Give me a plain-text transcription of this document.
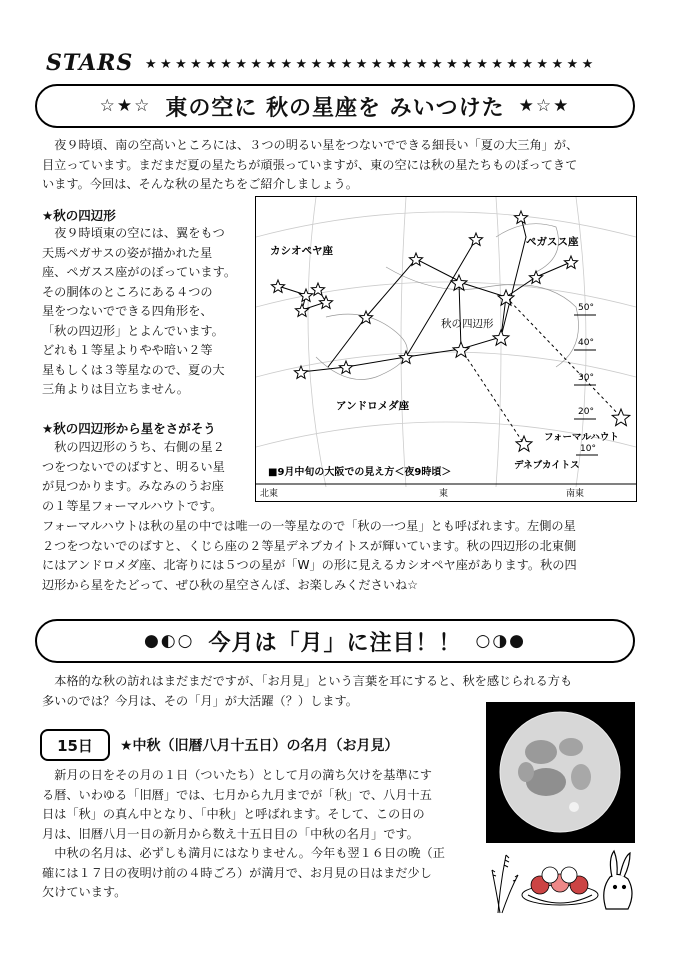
STARS ★★★★★★★★★★★★★★★★★★★★★★★★★★★★★★
☆★☆ 東の空に 秋の星座を みいつけた ★☆★
夜９時頃、南の空高いところには、３つの明るい星をつないでできる細長い「夏の大三角」が、
目立っています。まだまだ夏の星たちが頑張っていますが、東の空には秋の星たちものぼってきて
います。今回は、そんな秋の星たちをご紹介しましょう。
★秋の四辺形
夜９時頃東の空には、翼をもつ
天馬ペガサスの姿が描かれた星
座、ペガスス座がのぼっています。
その胴体のところにある４つの
星をつないでできる四角形を、
「秋の四辺形」とよんでいます。
どれも１等星よりやや暗い２等
星もしくは３等星なので、夏の大
三角よりは目立ちません。
★秋の四辺形から星をさがそう
秋の四辺形のうち、右側の星２
つをつないでのばすと、明るい星
が見つかります。みなみのうお座
の１等星フォーマルハウトです。
50°
40°
30°
20°
10°
カシオペヤ座
ペガスス座
秋の四辺形
アンドロメダ座
フォーマルハウト
デネブカイトス
■9月中旬の大阪での見え方＜夜9時頃＞
北東	東	南東
フォーマルハウトは秋の星の中では唯一の一等星なので「秋の一つ星」とも呼ばれます。左側の星
２つをつないでのばすと、くじら座の２等星デネブカイトスが輝いています。秋の四辺形の北東側
にはアンドロメダ座、北寄りには５つの星が「W」の形に見えるカシオペヤ座があります。秋の四
辺形から星をたどって、ぜひ秋の星空さんぽ、お楽しみくださいね☆
●◐○ 今月は「月」に注目！！ ○◑●
本格的な秋の訪れはまだまだですが、「お月見」という言葉を耳にすると、秋を感じられる方も
多いのでは？今月は、その「月」が大活躍（？）します。
15日	★中秋（旧暦八月十五日）の名月（お月見）
新月の日をその月の１日（ついたち）として月の満ち欠けを基準にす
る暦、いわゆる「旧暦」では、七月から九月までが「秋」で、八月十五
日は「秋」の真ん中となり、「中秋」と呼ばれます。そして、この日の
月は、旧暦八月一日の新月から数え十五日目の「中秋の名月」です。
中秋の名月は、必ずしも満月にはなりません。今年も翌１６日の晩（正
確には１７日の夜明け前の４時ごろ）が満月で、お月見の日はまだ少し
欠けています。
